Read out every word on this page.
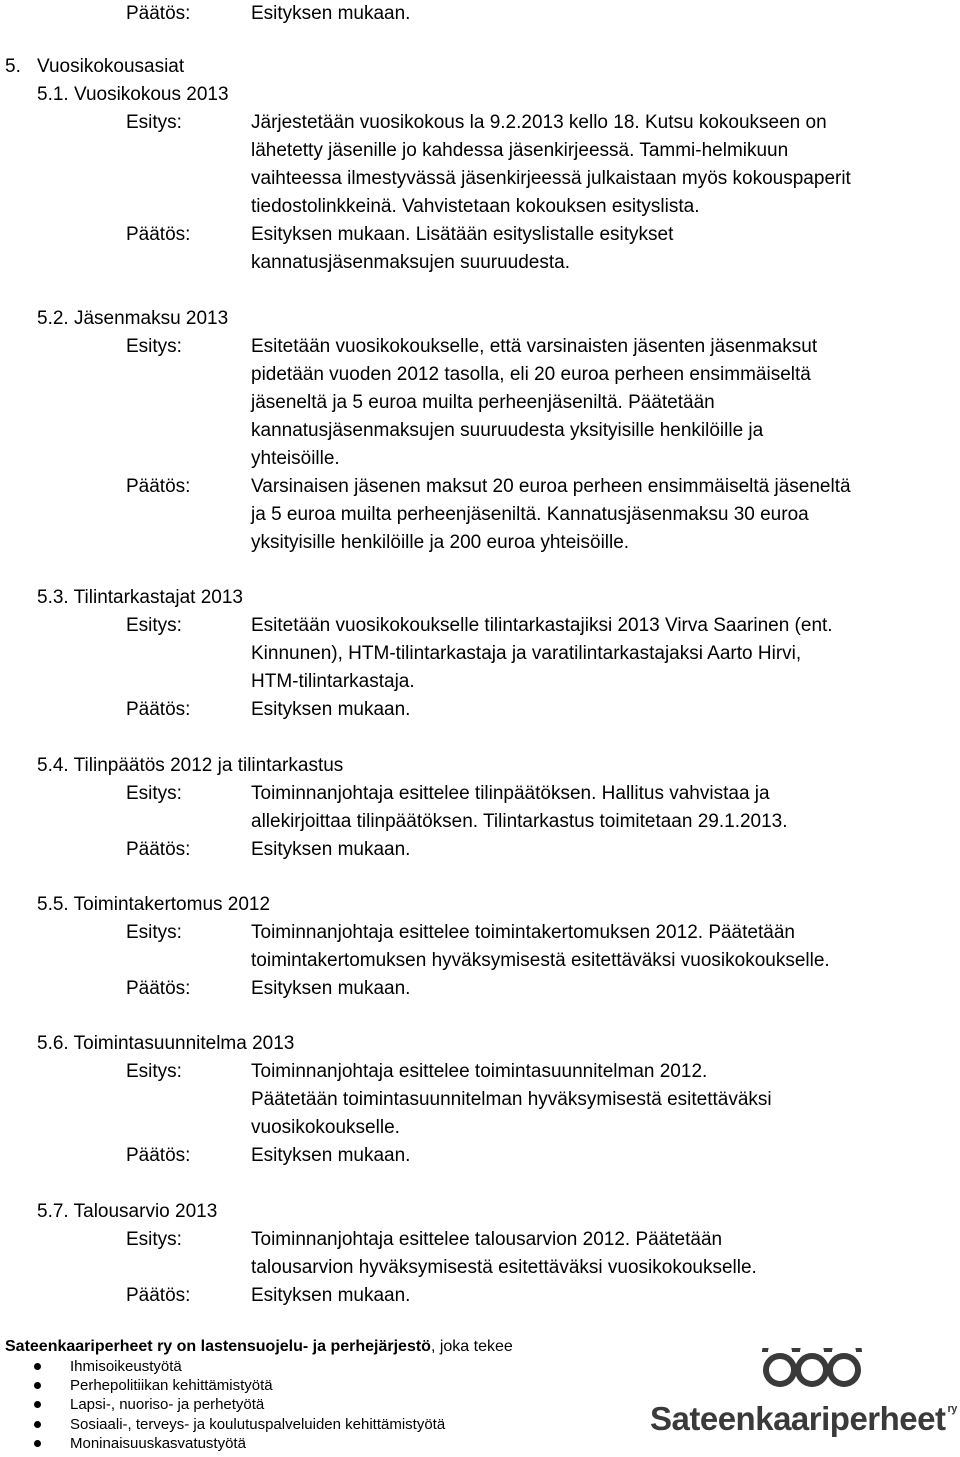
Päätös:	Esityksen mukaan.
5. Vuosikokousasiat
5.1. Vuosikokous 2013
Esitys:	Järjestetään vuosikokous la 9.2.2013 kello 18. Kutsu kokoukseen on
lähetetty jäsenille jo kahdessa jäsenkirjeessä. Tammi-helmikuun
vaihteessa ilmestyvässä jäsenkirjeessä julkaistaan myös kokouspaperit
tiedostolinkkeinä. Vahvistetaan kokouksen esityslista.
Päätös:	Esityksen mukaan. Lisätään esityslistalle esitykset
kannatusjäsenmaksujen suuruudesta.
5.2. Jäsenmaksu 2013
Esitys:	Esitetään vuosikokoukselle, että varsinaisten jäsenten jäsenmaksut
pidetään vuoden 2012 tasolla, eli 20 euroa perheen ensimmäiseltä
jäseneltä ja 5 euroa muilta perheenjäseniltä. Päätetään
kannatusjäsenmaksujen suuruudesta yksityisille henkilöille ja
yhteisöille.
Päätös:	Varsinaisen jäsenen maksut 20 euroa perheen ensimmäiseltä jäseneltä
ja 5 euroa muilta perheenjäseniltä. Kannatusjäsenmaksu 30 euroa
yksityisille henkilöille ja 200 euroa yhteisöille.
5.3. Tilintarkastajat 2013
Esitys:	Esitetään vuosikokoukselle tilintarkastajiksi 2013 Virva Saarinen (ent.
Kinnunen), HTM-tilintarkastaja ja varatilintarkastajaksi Aarto Hirvi,
HTM-tilintarkastaja.
Päätös:	Esityksen mukaan.
5.4. Tilinpäätös 2012 ja tilintarkastus
Esitys:	Toiminnanjohtaja esittelee tilinpäätöksen. Hallitus vahvistaa ja
allekirjoittaa tilinpäätöksen. Tilintarkastus toimitetaan 29.1.2013.
Päätös:	Esityksen mukaan.
5.5. Toimintakertomus 2012
Esitys:	Toiminnanjohtaja esittelee toimintakertomuksen 2012. Päätetään
toimintakertomuksen hyväksymisestä esitettäväksi vuosikokoukselle.
Päätös:	Esityksen mukaan.
5.6. Toimintasuunnitelma 2013
Esitys:	Toiminnanjohtaja esittelee toimintasuunnitelman 2012.
Päätetään toimintasuunnitelman hyväksymisestä esitettäväksi
vuosikokoukselle.
Päätös:	Esityksen mukaan.
5.7. Talousarvio 2013
Esitys:	Toiminnanjohtaja esittelee talousarvion 2012. Päätetään
talousarvion hyväksymisestä esitettäväksi vuosikokoukselle.
Päätös:	Esityksen mukaan.
Sateenkaariperheet ry on lastensuojelu- ja perhejärjestö, joka tekee
Ihmisoikeustyötä
Perhepolitiikan kehittämistyötä
Lapsi-, nuoriso- ja perhetyötä
Sosiaali-, terveys- ja koulutuspalveluiden kehittämistyötä
Moninaisuuskasvatustyötä
Sateenkaariperheet $^{ry}$
